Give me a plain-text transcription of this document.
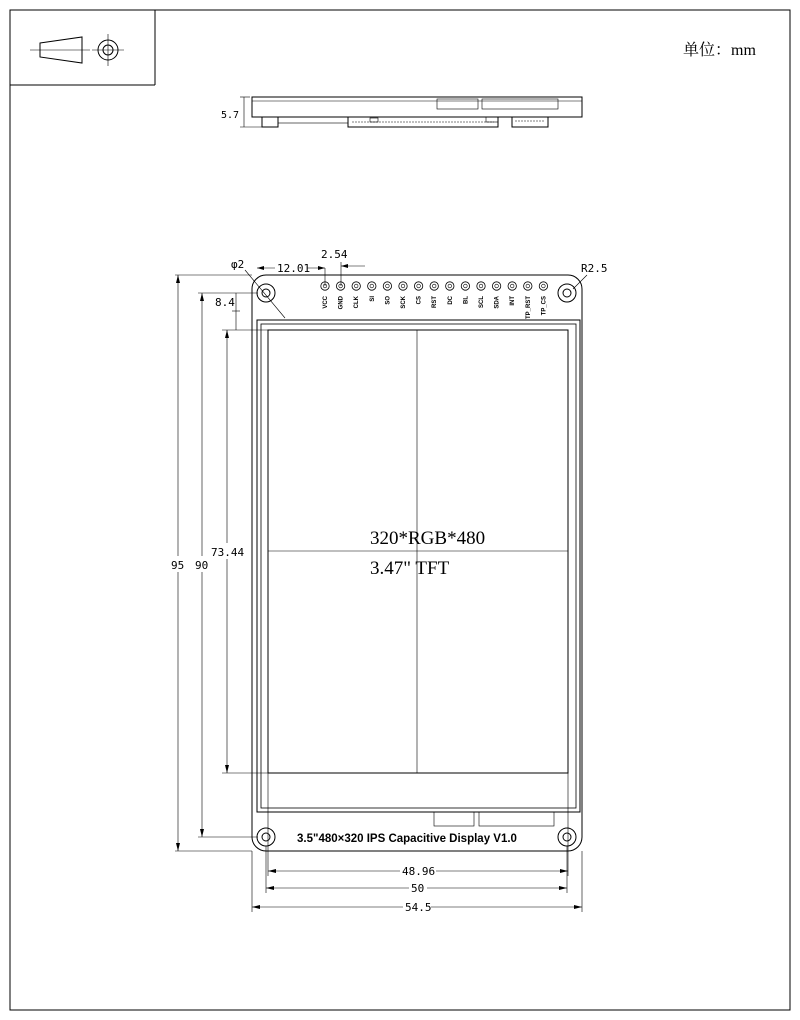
单位：mm
5.7
320*RGB*480
3.47" TFT
3.5"480×320 IPS Capacitive Display V1.0
VCC GND CLK SI SO SCK CS RST DC BL SCL SDA INT TP_RST TP_CS
φ2	12.01
2.54
R2.5
95 90
73.44
8.4
48.96
50
54.5
